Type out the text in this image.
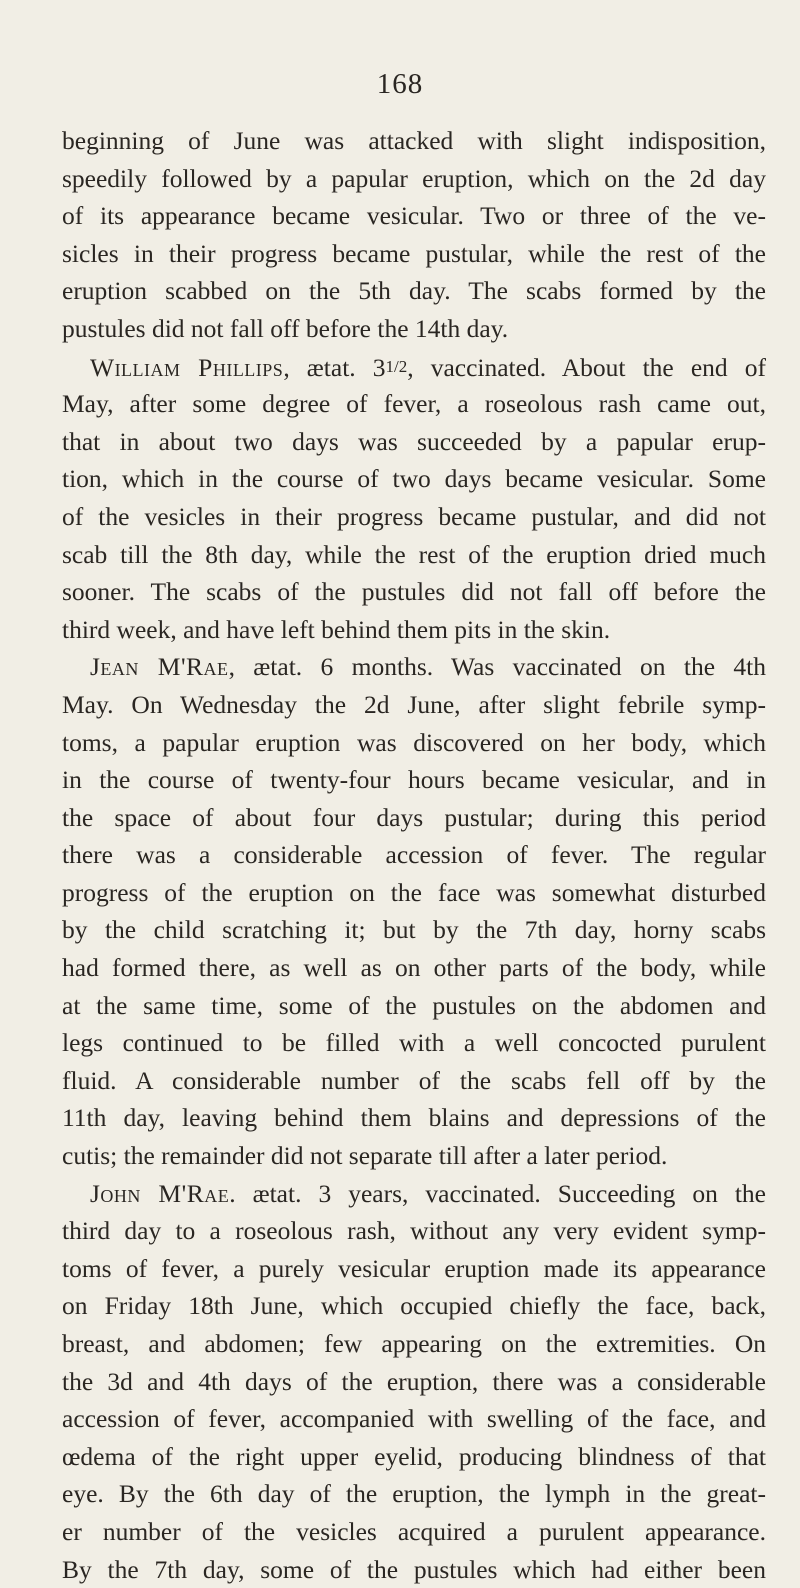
168
beginning of June was attacked with slight indisposition,
speedily followed by a papular eruption, which on the 2d day
of its appearance became vesicular. Two or three of the ve-
sicles in their progress became pustular, while the rest of the
eruption scabbed on the 5th day. The scabs formed by the
pustules did not fall off before the 14th day.
William Phillips, ætat. 31/2, vaccinated. About the end of
May, after some degree of fever, a roseolous rash came out,
that in about two days was succeeded by a papular erup-
tion, which in the course of two days became vesicular. Some
of the vesicles in their progress became pustular, and did not
scab till the 8th day, while the rest of the eruption dried much
sooner. The scabs of the pustules did not fall off before the
third week, and have left behind them pits in the skin.
Jean M'Rae, ætat. 6 months. Was vaccinated on the 4th
May. On Wednesday the 2d June, after slight febrile symp-
toms, a papular eruption was discovered on her body, which
in the course of twenty-four hours became vesicular, and in
the space of about four days pustular; during this period
there was a considerable accession of fever. The regular
progress of the eruption on the face was somewhat disturbed
by the child scratching it; but by the 7th day, horny scabs
had formed there, as well as on other parts of the body, while
at the same time, some of the pustules on the abdomen and
legs continued to be filled with a well concocted purulent
fluid. A considerable number of the scabs fell off by the
11th day, leaving behind them blains and depressions of the
cutis; the remainder did not separate till after a later period.
John M'Rae. ætat. 3 years, vaccinated. Succeeding on the
third day to a roseolous rash, without any very evident symp-
toms of fever, a purely vesicular eruption made its appearance
on Friday 18th June, which occupied chiefly the face, back,
breast, and abdomen; few appearing on the extremities. On
the 3d and 4th days of the eruption, there was a considerable
accession of fever, accompanied with swelling of the face, and
œdema of the right upper eyelid, producing blindness of that
eye. By the 6th day of the eruption, the lymph in the great-
er number of the vesicles acquired a purulent appearance.
By the 7th day, some of the pustules which had either been
